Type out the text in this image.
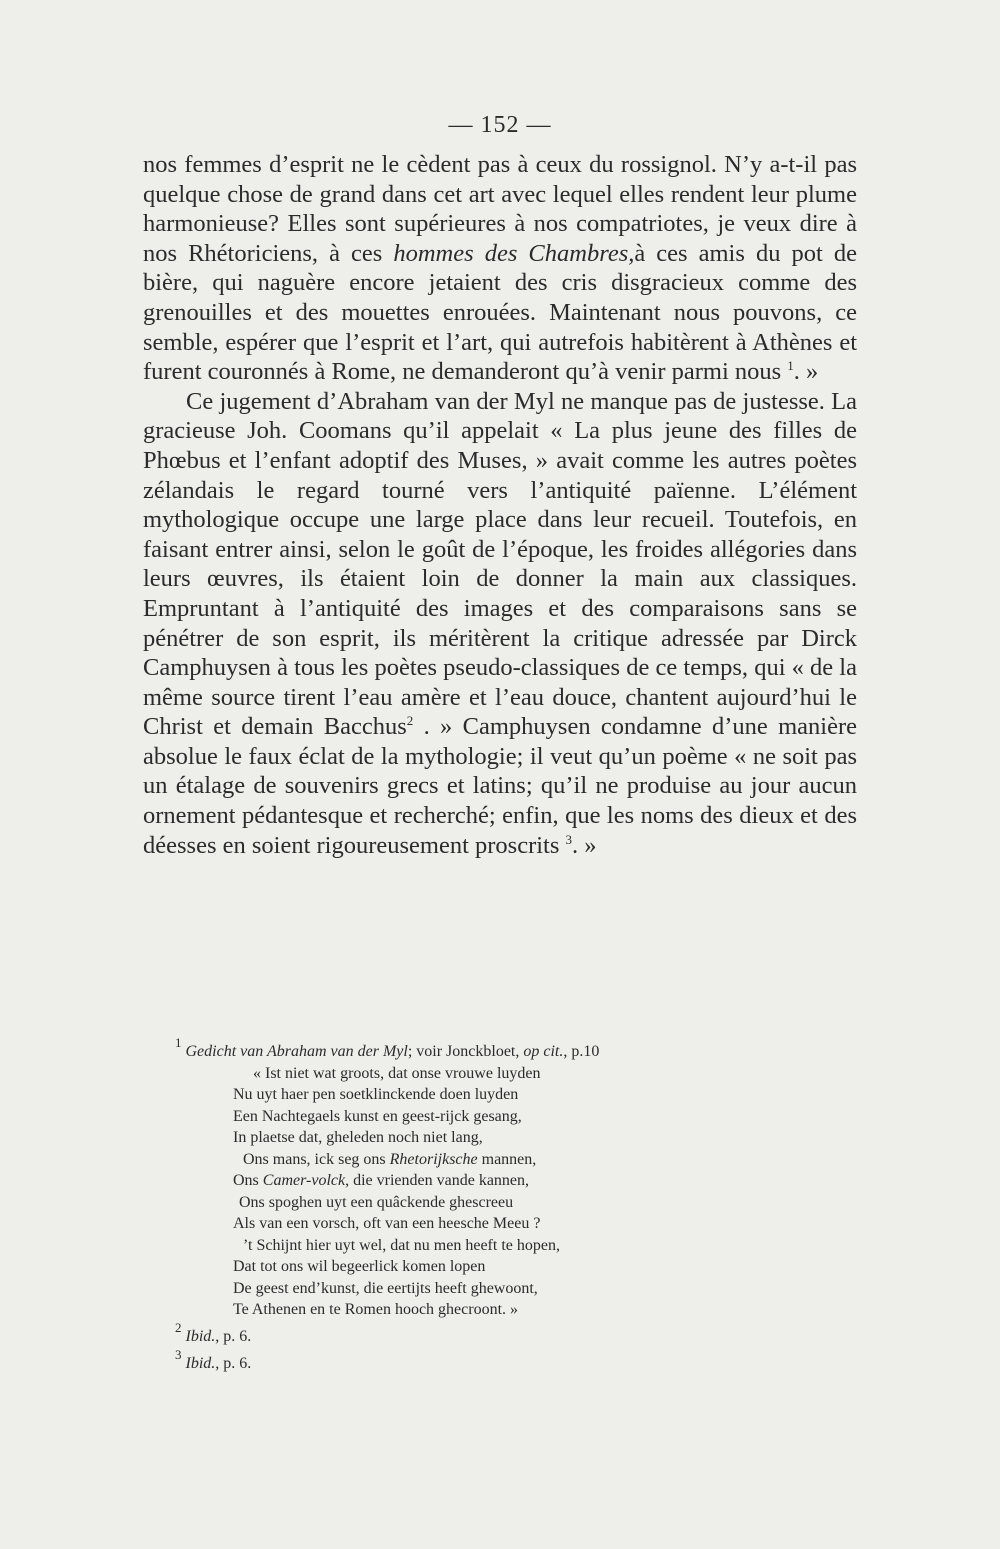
— 152 —

nos femmes d’esprit ne le cèdent pas à ceux du rossignol. N’y a-t-il pas quelque chose de grand dans cet art avec lequel elles rendent leur plume harmonieuse? Elles sont supérieures à nos compatriotes, je veux dire à nos Rhétoriciens, à ces hommes des Chambres,à ces amis du pot de bière, qui naguère encore jetaient des cris disgracieux comme des grenouilles et des mouettes enrouées. Maintenant nous pouvons, ce semble, espérer que l’esprit et l’art, qui autrefois habitèrent à Athènes et furent couronnés à Rome, ne demanderont qu’à venir parmi nous $^1$. »

Ce jugement d’Abraham van der Myl ne manque pas de justesse. La gracieuse Joh. Coomans qu’il appelait « La plus jeune des filles de Phœbus et l’enfant adoptif des Muses, » avait comme les autres poètes zélandais le regard tourné vers l’antiquité païenne. L’élément mythologique occupe une large place dans leur recueil. Toutefois, en faisant entrer ainsi, selon le goût de l’époque, les froides allégories dans leurs œuvres, ils étaient loin de donner la main aux classiques. Empruntant à l’antiquité des images et des comparaisons sans se pénétrer de son esprit, ils méritèrent la critique adressée par Dirck Camphuysen à tous les poètes pseudo-classiques de ce temps, qui « de la même source tirent l’eau amère et l’eau douce, chantent aujourd’hui le Christ et demain Bacchus$^2$ . » Camphuysen condamne d’une manière absolue le faux éclat de la mythologie; il veut qu’un poème « ne soit pas un étalage de souvenirs grecs et latins; qu’il ne produise au jour aucun ornement pédantesque et recherché; enfin, que les noms des dieux et des déesses en soient rigoureusement proscrits $^3$. »

$^1$ Gedicht van Abraham van der Myl; voir Jonckbloet, op cit., p.10

« Ist niet wat groots, dat onse vrouwe luyden
Nu uyt haer pen soetklinckende doen luyden
Een Nachtegaels kunst en geest-rijck gesang,
In plaetse dat, gheleden noch niet lang,
Ons mans, ick seg ons Rhetorijksche mannen,
Ons Camer-volck, die vrienden vande kannen,
Ons spoghen uyt een quâckende ghescreeu
Als van een vorsch, oft van een heesche Meeu ?
’t Schijnt hier uyt wel, dat nu men heeft te hopen,
Dat tot ons wil begeerlick komen lopen
De geest end’kunst, die eertijts heeft ghewoont,
Te Athenen en te Romen hooch ghecroont. »

$^2$ Ibid., p. 6.

$^3$ Ibid., p. 6.
